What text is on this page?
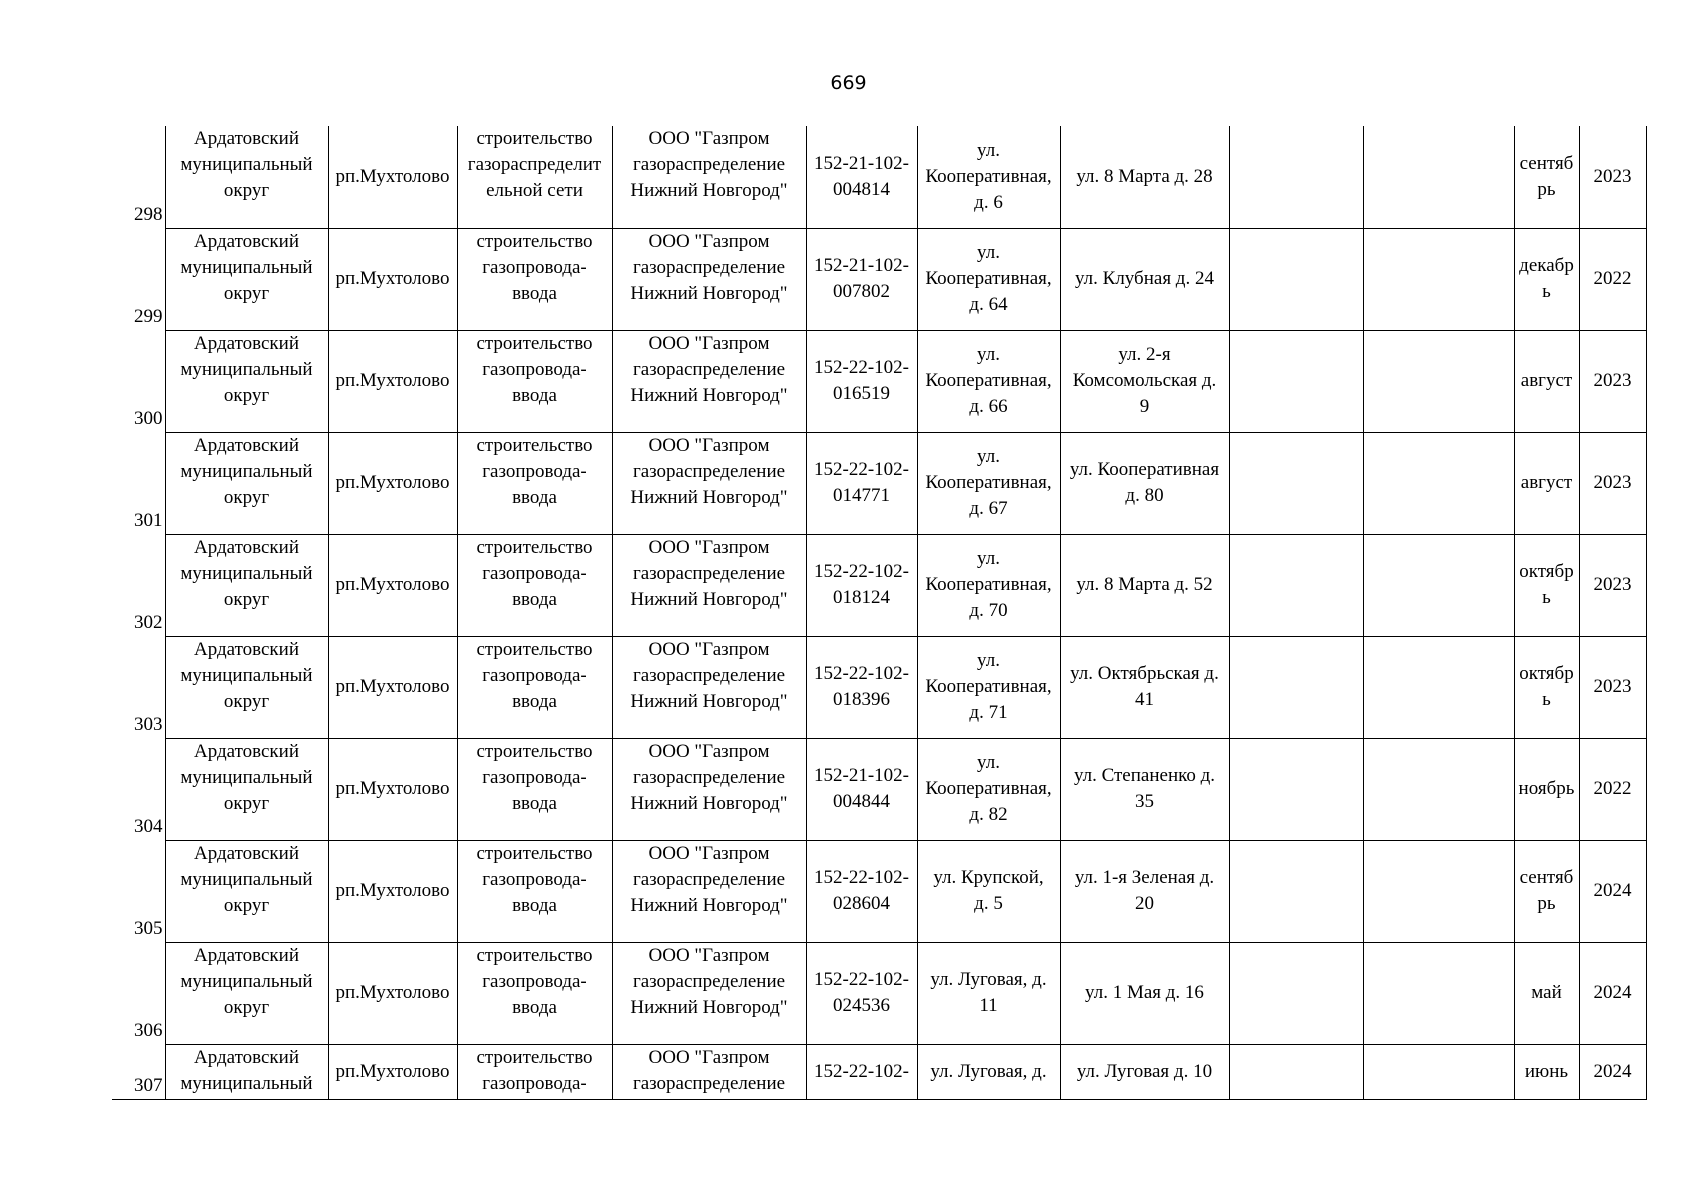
669
298	Ардатовский
муниципальный
округ	рп.Мухтолово	строительство
газораспределит
ельной сети	ООО "Газпром
газораспределение
Нижний Новгород"	152-21-102-
004814	ул.
Кооперативная,
д. 6	ул. 8 Марта д. 28			сентяб
рь	2023
299	Ардатовский
муниципальный
округ	рп.Мухтолово	строительство
газопровода-
ввода	ООО "Газпром
газораспределение
Нижний Новгород"	152-21-102-
007802	ул.
Кооперативная,
д. 64	ул. Клубная д. 24			декабр
ь	2022
300	Ардатовский
муниципальный
округ	рп.Мухтолово	строительство
газопровода-
ввода	ООО "Газпром
газораспределение
Нижний Новгород"	152-22-102-
016519	ул.
Кооперативная,
д. 66	ул. 2-я
Комсомольская д.
9			август	2023
301	Ардатовский
муниципальный
округ	рп.Мухтолово	строительство
газопровода-
ввода	ООО "Газпром
газораспределение
Нижний Новгород"	152-22-102-
014771	ул.
Кооперативная,
д. 67	ул. Кооперативная
д. 80			август	2023
302	Ардатовский
муниципальный
округ	рп.Мухтолово	строительство
газопровода-
ввода	ООО "Газпром
газораспределение
Нижний Новгород"	152-22-102-
018124	ул.
Кооперативная,
д. 70	ул. 8 Марта д. 52			октябр
ь	2023
303	Ардатовский
муниципальный
округ	рп.Мухтолово	строительство
газопровода-
ввода	ООО "Газпром
газораспределение
Нижний Новгород"	152-22-102-
018396	ул.
Кооперативная,
д. 71	ул. Октябрьская д.
41			октябр
ь	2023
304	Ардатовский
муниципальный
округ	рп.Мухтолово	строительство
газопровода-
ввода	ООО "Газпром
газораспределение
Нижний Новгород"	152-21-102-
004844	ул.
Кооперативная,
д. 82	ул. Степаненко д.
35			ноябрь	2022
305	Ардатовский
муниципальный
округ	рп.Мухтолово	строительство
газопровода-
ввода	ООО "Газпром
газораспределение
Нижний Новгород"	152-22-102-
028604	ул. Крупской,
д. 5	ул. 1-я Зеленая д.
20			сентяб
рь	2024
306	Ардатовский
муниципальный
округ	рп.Мухтолово	строительство
газопровода-
ввода	ООО "Газпром
газораспределение
Нижний Новгород"	152-22-102-
024536	ул. Луговая, д.
11	ул. 1 Мая д. 16			май	2024
307	Ардатовский
муниципальный	рп.Мухтолово	строительство
газопровода-	ООО "Газпром
газораспределение	152-22-102-	ул. Луговая, д.	ул. Луговая д. 10			июнь	2024
